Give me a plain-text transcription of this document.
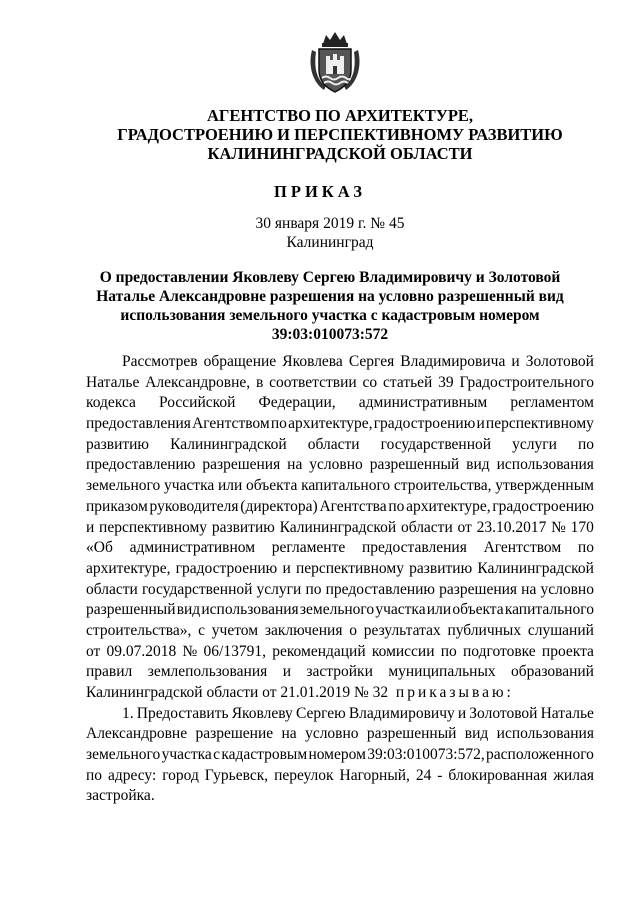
АГЕНТСТВО ПО АРХИТЕКТУРЕ,
ГРАДОСТРОЕНИЮ И ПЕРСПЕКТИВНОМУ РАЗВИТИЮ
КАЛИНИНГРАДСКОЙ ОБЛАСТИ
ПРИКАЗ
30 января 2019 г. № 45
Калининград
О предоставлении Яковлеву Сергею Владимировичу и Золотовой
Наталье Александровне разрешения на условно разрешенный вид
использования земельного участка с кадастровым номером
39:03:010073:572
Рассмотрев обращение Яковлева Сергея Владимировича и Золотовой
Наталье Александровне, в соответствии со статьей 39 Градостроительного
кодекса Российской Федерации, административным регламентом
предоставления Агентством по архитектуре, градостроению и перспективному
развитию Калининградской области государственной услуги по
предоставлению разрешения на условно разрешенный вид использования
земельного участка или объекта капитального строительства, утвержденным
приказом руководителя (директора) Агентства по архитектуре, градостроению
и перспективному развитию Калининградской области от 23.10.2017 № 170
«Об административном регламенте предоставления Агентством по
архитектуре, градостроению и перспективному развитию Калининградской
области государственной услуги по предоставлению разрешения на условно
разрешенный вид использования земельного участка или объекта капитального
строительства», с учетом заключения о результатах публичных слушаний
от 09.07.2018 № 06/13791, рекомендаций комиссии по подготовке проекта
правил землепользования и застройки муниципальных образований
Калининградской области от 21.01.2019 № 32
приказываю:
1. Предоставить Яковлеву Сергею Владимировичу и Золотовой Наталье
Александровне разрешение на условно разрешенный вид использования
земельного участка с кадастровым номером 39:03:010073:572, расположенного
по адресу: город Гурьевск, переулок Нагорный, 24 - блокированная жилая
застройка.
